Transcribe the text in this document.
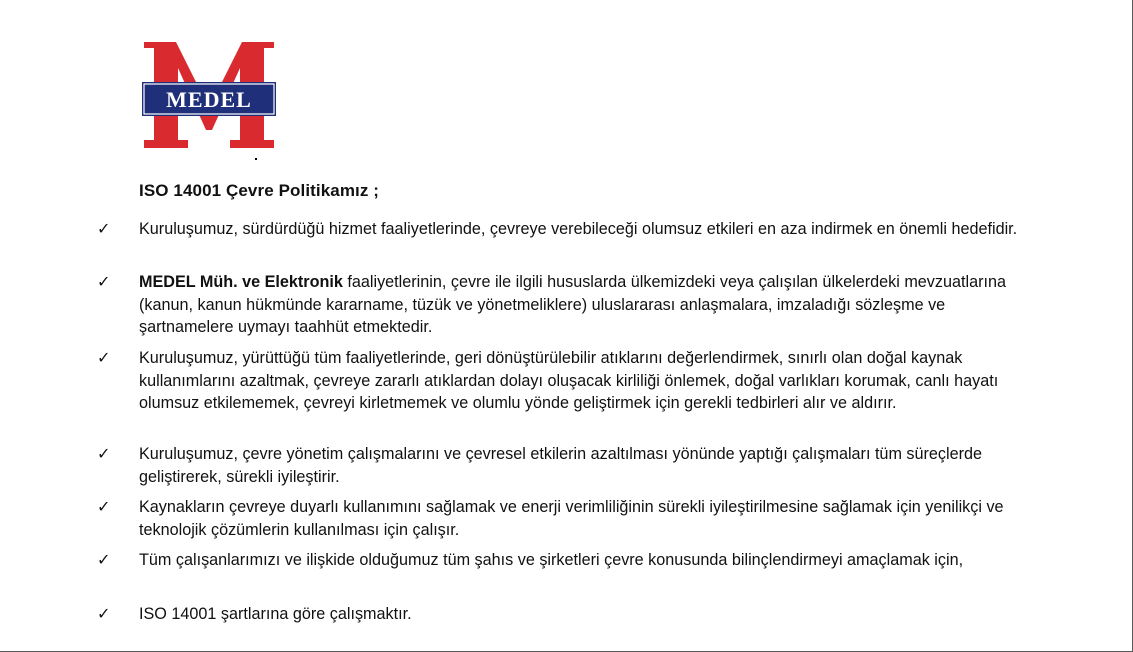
MEDEL
ISO 14001 Çevre Politikamız ;
✓ Kuruluşumuz, sürdürdüğü hizmet faaliyetlerinde, çevreye verebileceği olumsuz etkileri en aza indirmek en önemli hedefidir.
✓ MEDEL Müh. ve Elektronik faaliyetlerinin, çevre ile ilgili hususlarda ülkemizdeki veya çalışılan ülkelerdeki mevzuatlarına (kanun, kanun hükmünde kararname, tüzük ve yönetmeliklere) uluslararası anlaşmalara, imzaladığı sözleşme ve şartnamelere uymayı taahhüt etmektedir.
✓ Kuruluşumuz, yürüttüğü tüm faaliyetlerinde, geri dönüştürülebilir atıklarını değerlendirmek, sınırlı olan doğal kaynak kullanımlarını azaltmak, çevreye zararlı atıklardan dolayı oluşacak kirliliği önlemek, doğal varlıkları korumak, canlı hayatı olumsuz etkilememek, çevreyi kirletmemek ve olumlu yönde geliştirmek için gerekli tedbirleri alır ve aldırır.
✓ Kuruluşumuz, çevre yönetim çalışmalarını ve çevresel etkilerin azaltılması yönünde yaptığı çalışmaları tüm süreçlerde geliştirerek, sürekli iyileştirir.
✓ Kaynakların çevreye duyarlı kullanımını sağlamak ve enerji verimliliğinin sürekli iyileştirilmesine sağlamak için yenilikçi ve teknolojik çözümlerin kullanılması için çalışır.
✓ Tüm çalışanlarımızı ve ilişkide olduğumuz tüm şahıs ve şirketleri çevre konusunda bilinçlendirmeyi amaçlamak için,
✓ ISO 14001 şartlarına göre çalışmaktır.
